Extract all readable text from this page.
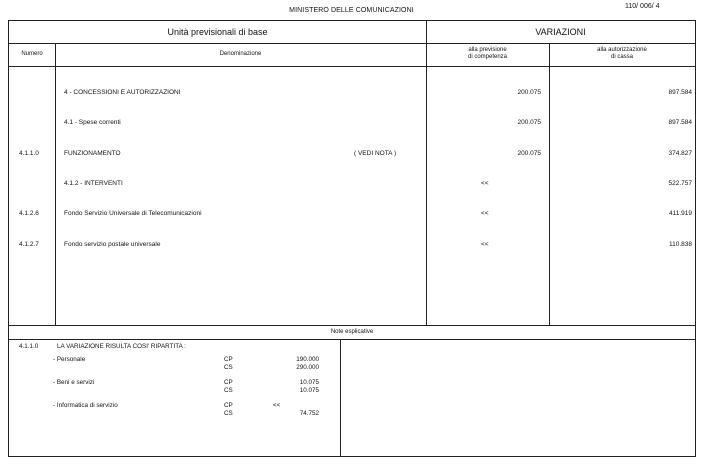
MINISTERO DELLE COMUNICAZIONI
110/ 006/ 4
Unità previsionali di base	VARIAZIONI
Numero	Denominazione
alla previsione
di competenza
alla autorizzazione
di cassa
4 - CONCESSIONI E AUTORIZZAZIONI	200.075	897.584
4.1 - Spese correnti	200.075	897.584
4.1.1.0	FUNZIONAMENTO	( VEDI NOTA )	200.075	374.827
4.1.2 - INTERVENTI	<<	522.757
4.1.2.6	Fondo Servizio Universale di Telecomunicazioni	<<	411.919
4.1.2.7	Fondo servizio postale universale	<<	110.838
Note esplicative
4.1.1.0	LA VARIAZIONE RISULTA COSI' RIPARTITA :
- Personale	CP	190.000
CS	290.000
- Beni e servizi	CP	10.075
CS	10.075
- Informatica di servizio	CP	<<
CS	74.752
